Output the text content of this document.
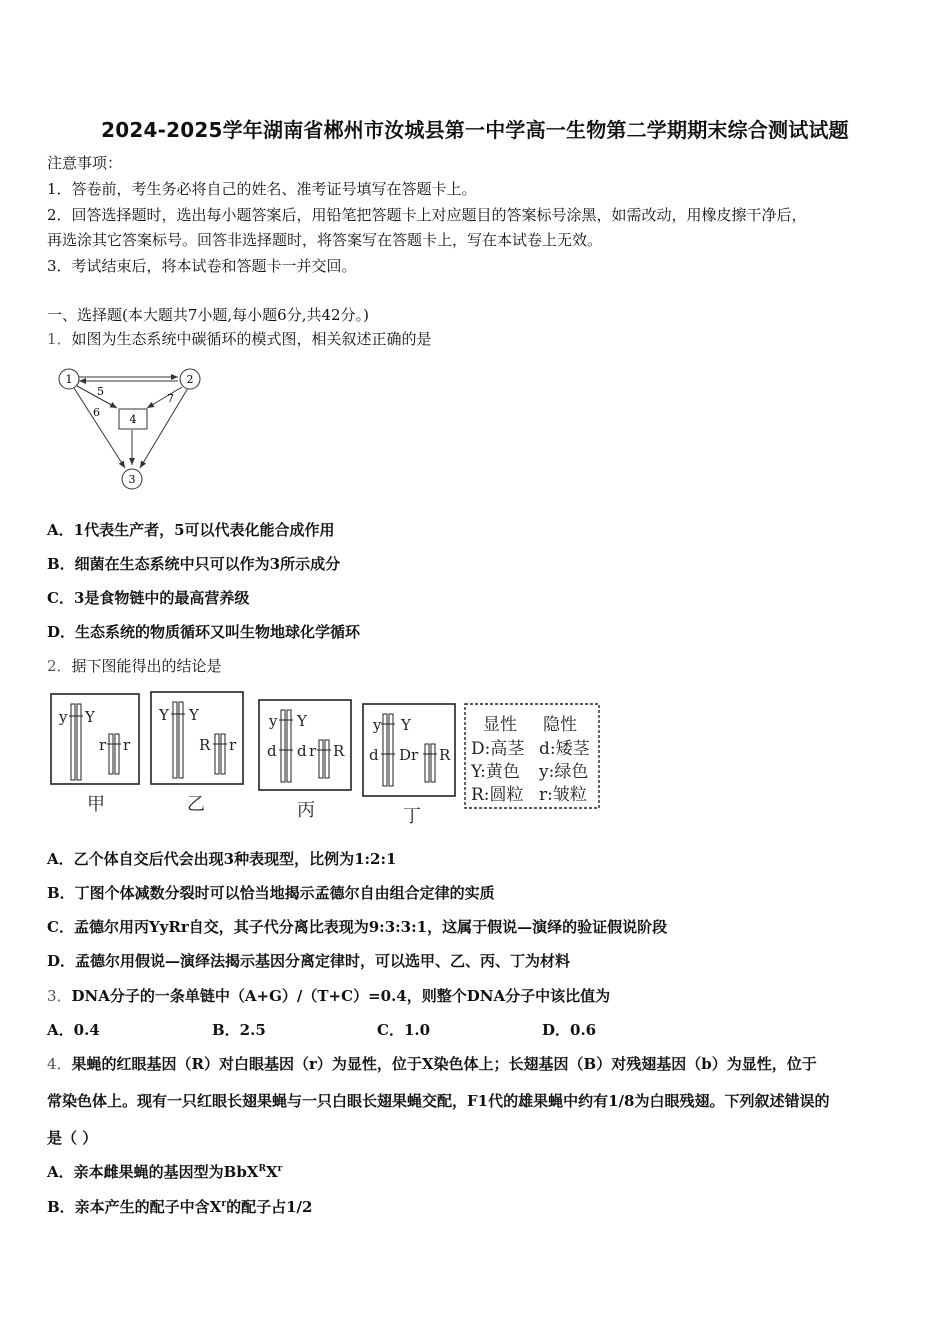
2024-2025学年湖南省郴州市汝城县第一中学高一生物第二学期期末综合测试试题
注意事项：
1．答卷前，考生务必将自己的姓名、准考证号填写在答题卡上。
2．回答选择题时，选出每小题答案后，用铅笔把答题卡上对应题目的答案标号涂黑，如需改动，用橡皮擦干净后，
再选涂其它答案标号。回答非选择题时，将答案写在答题卡上，写在本试卷上无效。
3．考试结束后，将本试卷和答题卡一并交回。
一、选择题(本大题共7小题,每小题6分,共42分。)
1．如图为生态系统中碳循环的模式图，相关叙述正确的是
1	2
3
4
5
6
7
A．1代表生产者，5可以代表化能合成作用
B．细菌在生态系统中只可以作为3所示成分
C．3是食物链中的最高营养级
D．生态系统的物质循环又叫生物地球化学循环
2．据下图能得出的结论是
y Y
r r
甲
Y Y
R r
乙
y Y
d d r R
丙
y Y
d Dr R
丁
显性 隐性
D:高茎 d:矮茎
Y:黄色 y:绿色
R:圆粒 r:皱粒
A．乙个体自交后代会出现3种表现型，比例为1:2:1
B．丁图个体减数分裂时可以恰当地揭示孟德尔自由组合定律的实质
C．孟德尔用丙YyRr自交，其子代分离比表现为9:3:3:1，这属于假说—演绎的验证假说阶段
D．孟德尔用假说—演绎法揭示基因分离定律时，可以选甲、乙、丙、丁为材料
3．DNA分子的一条单链中（A+G）/（T+C）=0.4，则整个DNA分子中该比值为
A．0.4	B．2.5	C．1.0	D．0.6
4．果蝇的红眼基因（R）对白眼基因（r）为显性，位于X染色体上；长翅基因（B）对残翅基因（b）为显性，位于
常染色体上。现有一只红眼长翅果蝇与一只白眼长翅果蝇交配，F1代的雄果蝇中约有1/8为白眼残翅。下列叙述错误的
是（ ）
A．亲本雌果蝇的基因型为$BbX^RX^r$
B．亲本产生的配子中含$X^r$的配子占1/2
